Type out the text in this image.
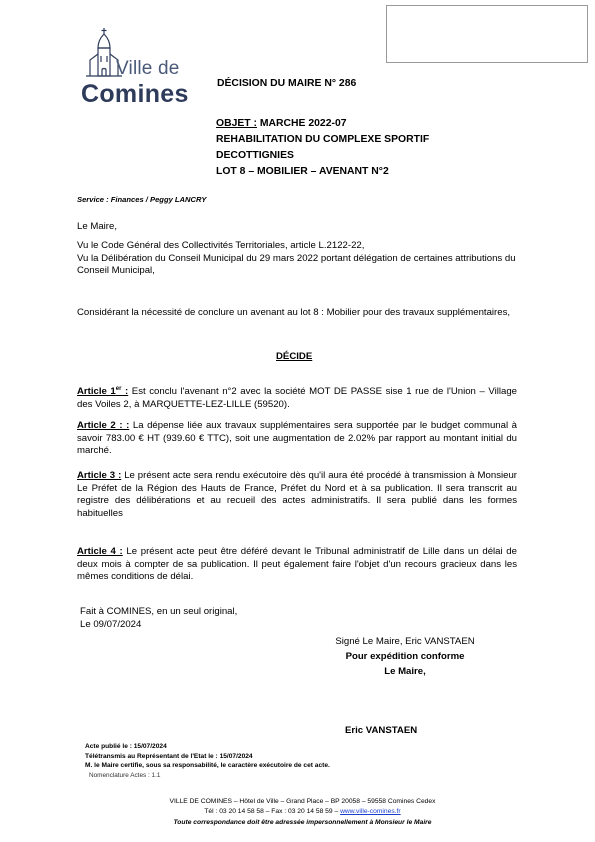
Ville de
Comines	DÉCISION DU MAIRE N° 286
OBJET : MARCHE 2022-07
REHABILITATION DU COMPLEXE SPORTIF
DECOTTIGNIES
LOT 8 – MOBILIER – AVENANT N°2
Service : Finances / Peggy LANCRY
Le Maire,
Vu le Code Général des Collectivités Territoriales, article L.2122-22,
Vu la Délibération du Conseil Municipal du 29 mars 2022 portant délégation de certaines attributions du Conseil Municipal,
Considérant la nécessité de conclure un avenant au lot 8 : Mobilier pour des travaux supplémentaires,
DÉCIDE
Article 1er : Est conclu l'avenant n°2 avec la société MOT DE PASSE sise 1 rue de l'Union – Village des Voiles 2, à MARQUETTE-LEZ-LILLE (59520).
Article 2 : : La dépense liée aux travaux supplémentaires sera supportée par le budget communal à savoir 783.00 € HT (939.60 € TTC), soit une augmentation de 2.02% par rapport au montant initial du marché.
Article 3 : Le présent acte sera rendu exécutoire dès qu'il aura été procédé à transmission à Monsieur Le Préfet de la Région des Hauts de France, Préfet du Nord et à sa publication. Il sera transcrit au registre des délibérations et au recueil des actes administratifs. Il sera publié dans les formes habituelles
Article 4 : Le présent acte peut être déféré devant le Tribunal administratif de Lille dans un délai de deux mois à compter de sa publication. Il peut également faire l'objet d'un recours gracieux dans les mêmes conditions de délai.
Fait à COMINES, en un seul original,
Le 09/07/2024
Signé Le Maire, Eric VANSTAEN
Pour expédition conforme
Le Maire,
Eric VANSTAEN
Acte publié le : 15/07/2024
Télétransmis au Représentant de l'Etat le : 15/07/2024
M. le Maire certifie, sous sa responsabilité, le caractère exécutoire de cet acte.
Nomenclature Actes : 1.1
VILLE DE COMINES – Hôtel de Ville – Grand Place – BP 20058 – 59558 Comines Cedex
Tél : 03 20 14 58 58 – Fax : 03 20 14 58 59 – www.ville-comines.fr
Toute correspondance doit être adressée impersonnellement à Monsieur le Maire
